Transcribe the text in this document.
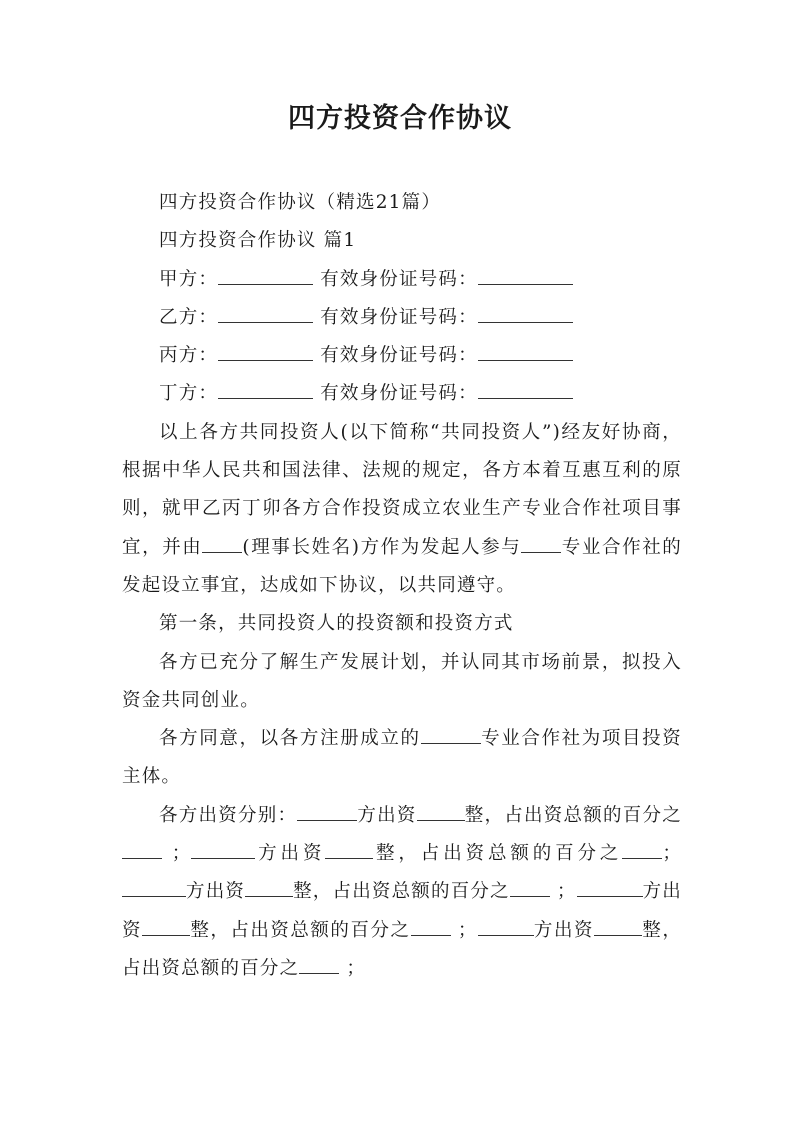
四方投资合作协议

四方投资合作协议（精选21篇）

四方投资合作协议 篇1

甲方：	有效身份证号码：

乙方：	有效身份证号码：

丙方：	有效身份证号码：

丁方：	有效身份证号码：

以上各方共同投资人(以下简称“共同投资人”)经友好协商，根据中华人民共和国法律、法规的规定，各方本着互惠互利的原则，就甲乙丙丁卯各方合作投资成立农业生产专业合作社项目事宜，并由 (理事长姓名)方作为发起人参与 专业合作社的发起设立事宜，达成如下协议，以共同遵守。

第一条，共同投资人的投资额和投资方式

各方已充分了解生产发展计划，并认同其市场前景，拟投入资金共同创业。

各方同意，以各方注册成立的	专业合作社为项目投资主体。

各方出资分别：	方出资	整，占出资总额的百分之 ；	方出资	整，占出资总额的百分之 ；方出资	整，占出资总额的百分之 ；	方出资	整，占出资总额的百分之 ；	方出资	整，占出资总额的百分之 ；
